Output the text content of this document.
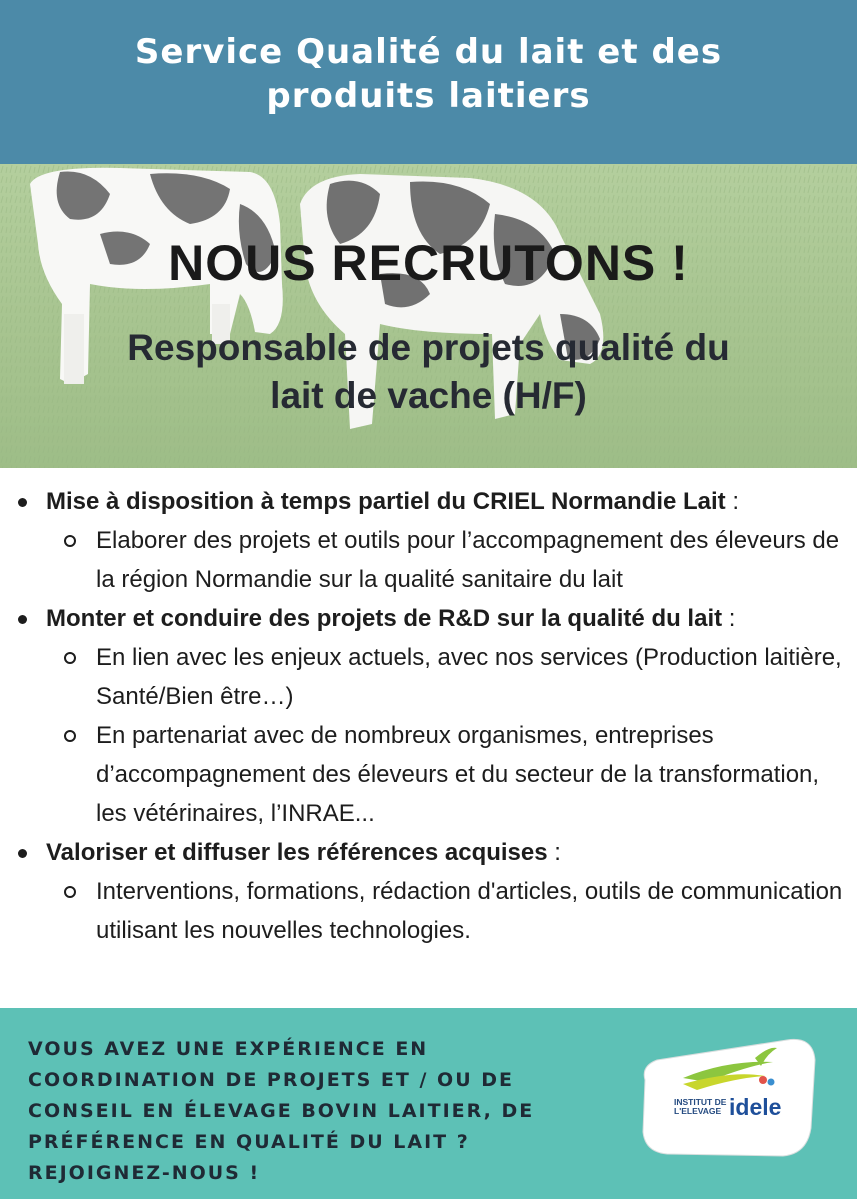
Service Qualité du lait et des
produits laitiers
NOUS RECRUTONS !
Responsable de projets qualité du
lait de vache (H/F)
Mise à disposition à temps partiel du CRIEL Normandie Lait :
Elaborer des projets et outils pour l’accompagnement des éleveurs de la région Normandie sur la qualité sanitaire du lait
Monter et conduire des projets de R&D sur la qualité du lait :
En lien avec les enjeux actuels, avec nos services (Production laitière, Santé/Bien être…)
En partenariat avec de nombreux organismes, entreprises d’accompagnement des éleveurs et du secteur de la transformation, les vétérinaires, l’INRAE...
Valoriser et diffuser les références acquises :
Interventions, formations, rédaction d'articles, outils de communication utilisant les nouvelles technologies.
VOUS AVEZ UNE EXPÉRIENCE EN
COORDINATION DE PROJETS ET / OU DE
CONSEIL EN ÉLEVAGE BOVIN LAITIER, DE
PRÉFÉRENCE EN QUALITÉ DU LAIT ?
REJOIGNEZ-NOUS !
INSTITUT DE
L'ELEVAGE idele
